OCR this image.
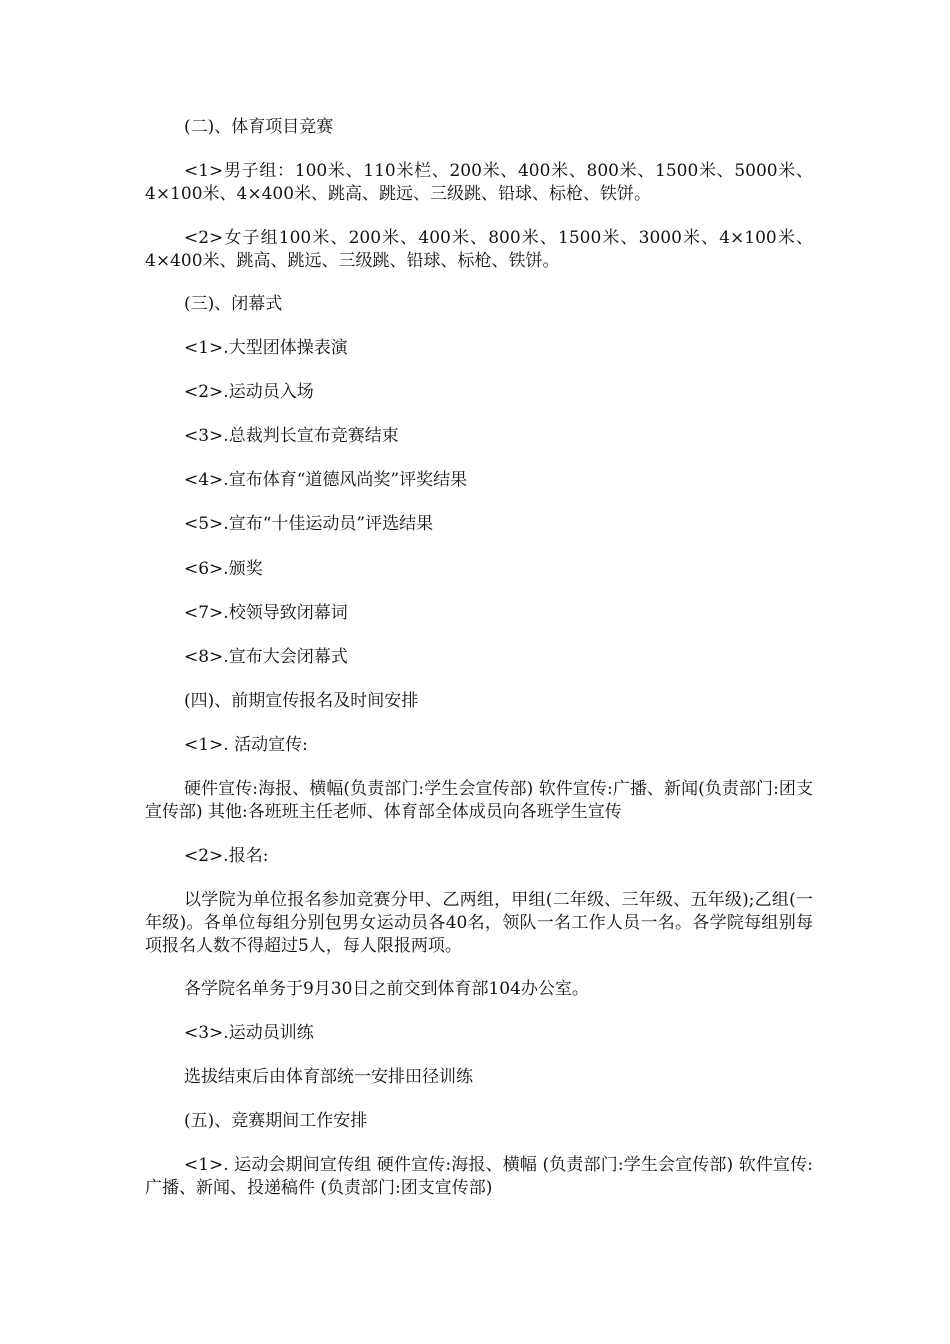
(二)、体育项目竞赛

<1>男子组：100米、110米栏、200米、400米、800米、1500米、5000米、4×100米、4×400米、跳高、跳远、三级跳、铅球、标枪、铁饼。

<2>女子组100米、200米、400米、800米、1500米、3000米、4×100米、4×400米、跳高、跳远、三级跳、铅球、标枪、铁饼。

(三)、闭幕式

<1>.大型团体操表演

<2>.运动员入场

<3>.总裁判长宣布竞赛结束

<4>.宣布体育“道德风尚奖”评奖结果

<5>.宣布“十佳运动员”评选结果

<6>.颁奖

<7>.校领导致闭幕词

<8>.宣布大会闭幕式

(四)、前期宣传报名及时间安排

<1>. 活动宣传:

硬件宣传:海报、横幅(负责部门:学生会宣传部) 软件宣传:广播、新闻(负责部门:团支宣传部) 其他:各班班主任老师、体育部全体成员向各班学生宣传

<2>.报名:

以学院为单位报名参加竞赛分甲、乙两组，甲组(二年级、三年级、五年级);乙组(一年级)。各单位每组分别包男女运动员各40名，领队一名工作人员一名。各学院每组别每项报名人数不得超过5人，每人限报两项。

各学院名单务于9月30日之前交到体育部104办公室。

<3>.运动员训练

选拔结束后由体育部统一安排田径训练

(五)、竞赛期间工作安排

<1>. 运动会期间宣传组 硬件宣传:海报、横幅 (负责部门:学生会宣传部) 软件宣传:广播、新闻、投递稿件 (负责部门:团支宣传部)
